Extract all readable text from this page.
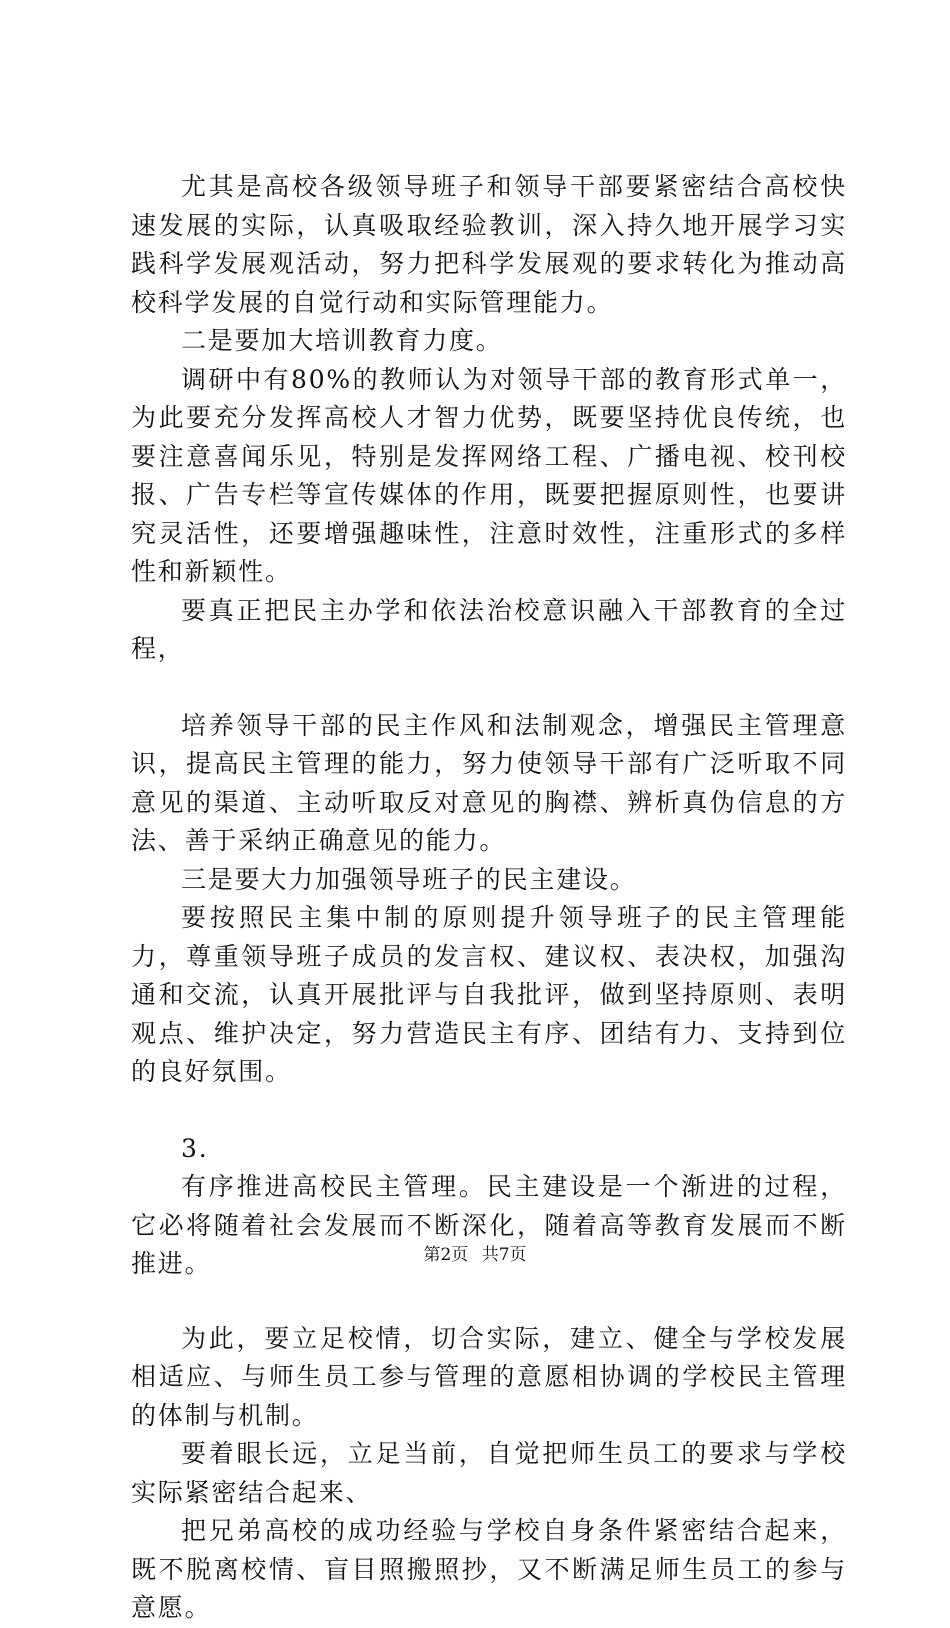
尤其是高校各级领导班子和领导干部要紧密结合高校快速发展的实际，认真吸取经验教训，深入持久地开展学习实践科学发展观活动，努力把科学发展观的要求转化为推动高校科学发展的自觉行动和实际管理能力。

二是要加大培训教育力度。

调研中有80%的教师认为对领导干部的教育形式单一，为此要充分发挥高校人才智力优势，既要坚持优良传统，也要注意喜闻乐见，特别是发挥网络工程、广播电视、校刊校报、广告专栏等宣传媒体的作用，既要把握原则性，也要讲究灵活性，还要增强趣味性，注意时效性，注重形式的多样性和新颖性。

要真正把民主办学和依法治校意识融入干部教育的全过程，

培养领导干部的民主作风和法制观念，增强民主管理意识，提高民主管理的能力，努力使领导干部有广泛听取不同意见的渠道、主动听取反对意见的胸襟、辨析真伪信息的方法、善于采纳正确意见的能力。

三是要大力加强领导班子的民主建设。

要按照民主集中制的原则提升领导班子的民主管理能力，尊重领导班子成员的发言权、建议权、表决权，加强沟通和交流，认真开展批评与自我批评，做到坚持原则、表明观点、维护决定，努力营造民主有序、团结有力、支持到位的良好氛围。

3.

有序推进高校民主管理。民主建设是一个渐进的过程，它必将随着社会发展而不断深化，随着高等教育发展而不断推进。

为此，要立足校情，切合实际，建立、健全与学校发展相适应、与师生员工参与管理的意愿相协调的学校民主管理的体制与机制。

要着眼长远，立足当前，自觉把师生员工的要求与学校实际紧密结合起来、

把兄弟高校的成功经验与学校自身条件紧密结合起来，既不脱离校情、盲目照搬照抄，又不断满足师生员工的参与意愿。

第2页 共7页
